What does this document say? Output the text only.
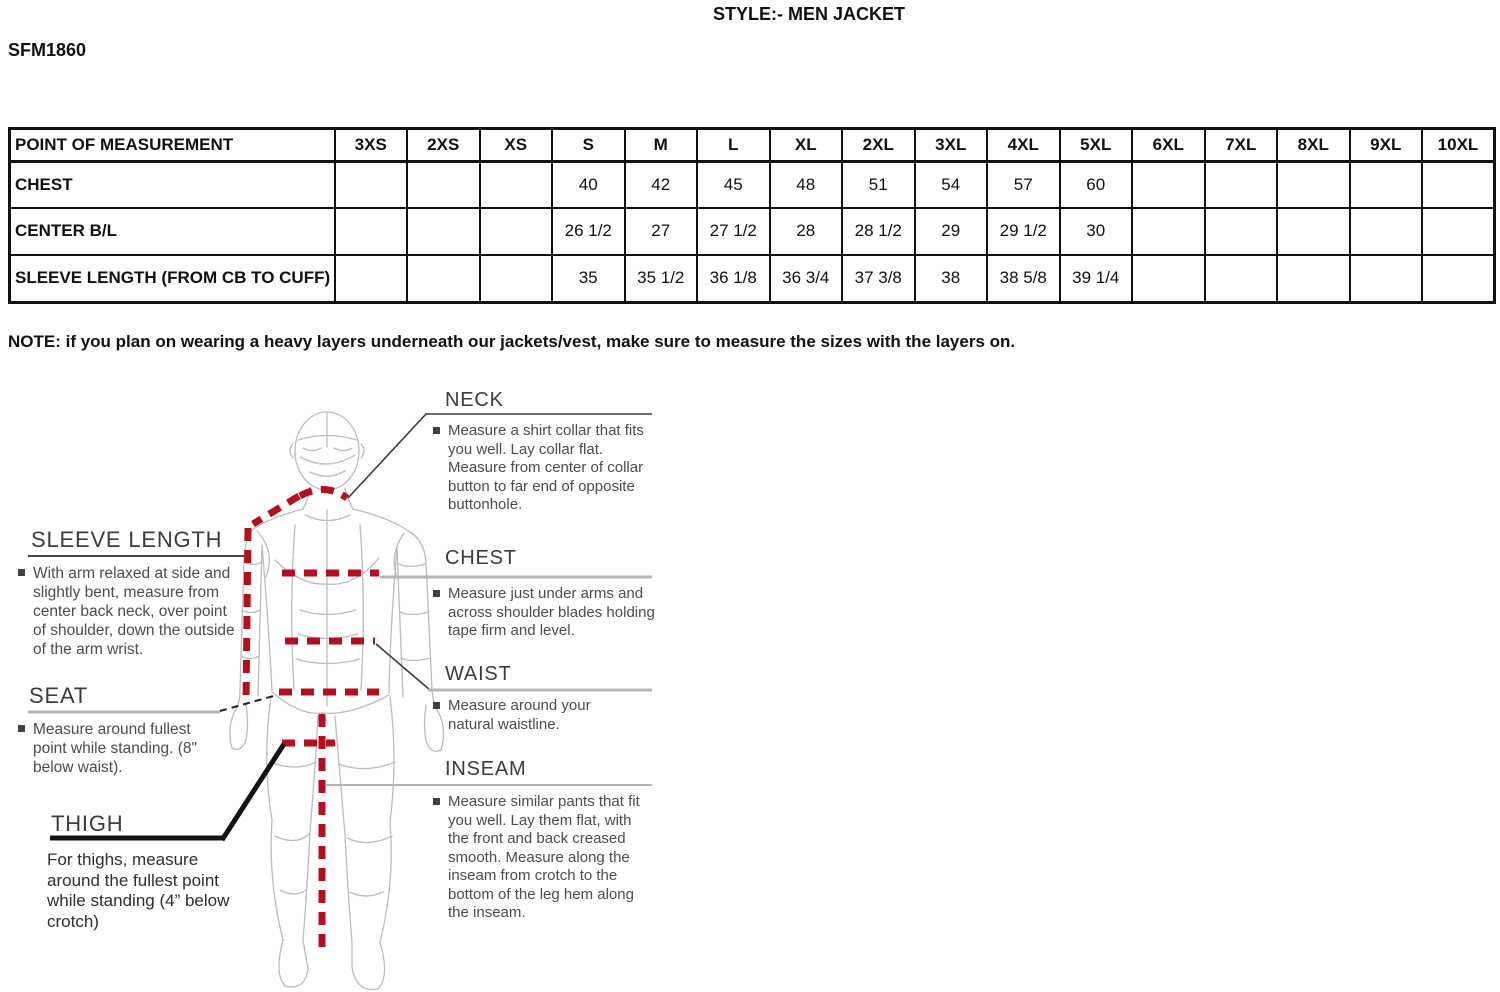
STYLE:- MEN JACKET
SFM1860
POINT OF MEASUREMENT	3XS	2XS	XS	S	M	L	XL	2XL	3XL	4XL	5XL	6XL	7XL	8XL	9XL	10XL
CHEST				40	42	45	48	51	54	57	60					
CENTER B/L				26 1/2	27	27 1/2	28	28 1/2	29	29 1/2	30					
SLEEVE LENGTH (FROM CB TO CUFF)				35	35 1/2	36 1/8	36 3/4	37 3/8	38	38 5/8	39 1/4					
NOTE: if you plan on wearing a heavy layers underneath our jackets/vest, make sure to measure the sizes with the layers on.
NECK
Measure a shirt collar that fits you well. Lay collar flat. Measure from center of collar button to far end of opposite buttonhole.
CHEST
Measure just under arms and across shoulder blades holding tape firm and level.
WAIST
Measure around your natural waistline.
INSEAM
Measure similar pants that fit you well. Lay them flat, with the front and back creased smooth. Measure along the inseam from crotch to the bottom of the leg hem along the inseam.
SLEEVE LENGTH
With arm relaxed at side and slightly bent, measure from center back neck, over point of shoulder, down the outside of the arm wrist.
SEAT
Measure around fullest point while standing. (8" below waist).
THIGH
For thighs, measure around the fullest point while standing (4” below crotch)
